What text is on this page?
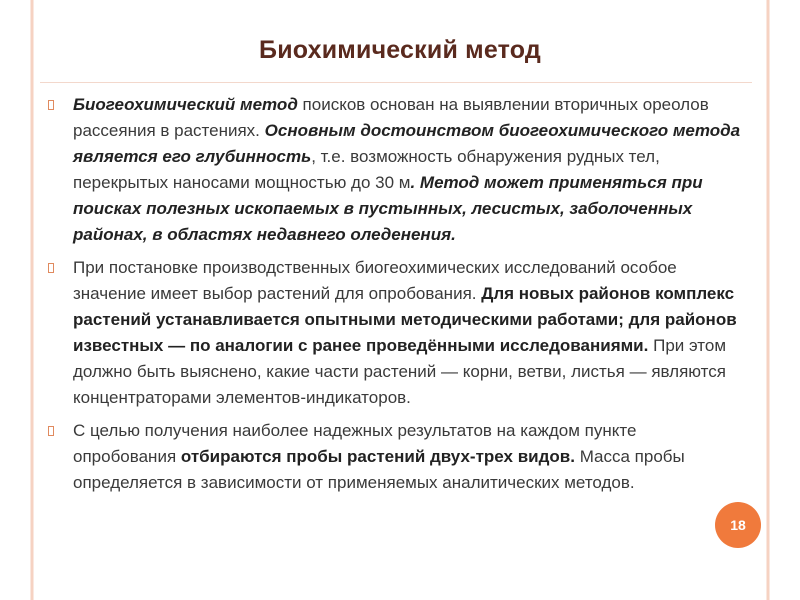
Биохимический метод
Биогеохимический метод поисков основан на выявлении вторичных ореолов рассеяния в растениях. Основным достоинством биогеохимического метода является его глубинность, т.е. возможность обнаружения рудных тел, перекрытых наносами мощностью до 30 м. Метод может применяться при поисках полезных ископаемых в пустынных, лесистых, заболоченных районах, в областях недавнего оледенения.
При постановке производственных биогеохимических исследований особое значение имеет выбор растений для опробования. Для новых районов комплекс растений устанавливается опытными методическими работами; для районов известных — по аналогии с ранее проведёнными исследованиями. При этом должно быть выяснено, какие части растений — корни, ветви, листья — являются концентраторами элементов-индикаторов.
С целью получения наиболее надежных результатов на каждом пункте опробования отбираются пробы растений двух-трех видов. Масса пробы определяется в зависимости от применяемых аналитических методов.
18
